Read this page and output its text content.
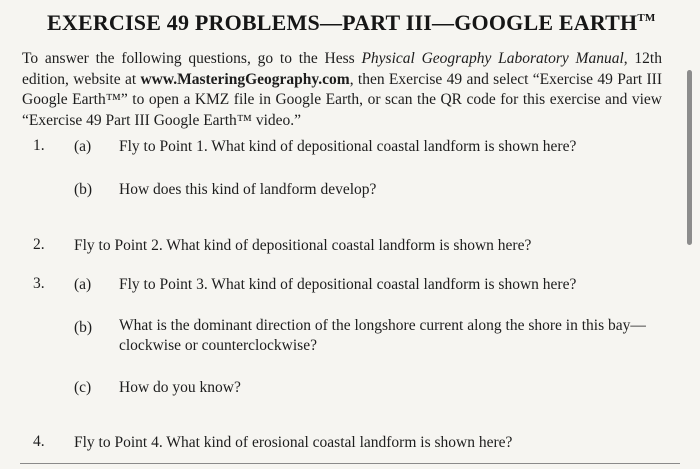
EXERCISE 49 PROBLEMS—PART III—GOOGLE EARTH™
To answer the following questions, go to the Hess Physical Geography Laboratory Manual, 12th edition, website at www.MasteringGeography.com, then Exercise 49 and select “Exercise 49 Part III Google Earth™” to open a KMZ file in Google Earth, or scan the QR code for this exercise and view “Exercise 49 Part III Google Earth™ video.”
1. (a) Fly to Point 1. What kind of depositional coastal landform is shown here?
(b) How does this kind of landform develop?
2. Fly to Point 2. What kind of depositional coastal landform is shown here?
3. (a) Fly to Point 3. What kind of depositional coastal landform is shown here?
(b) What is the dominant direction of the longshore current along the shore in this bay—clockwise or counterclockwise?
(c) How do you know?
4. Fly to Point 4. What kind of erosional coastal landform is shown here?
